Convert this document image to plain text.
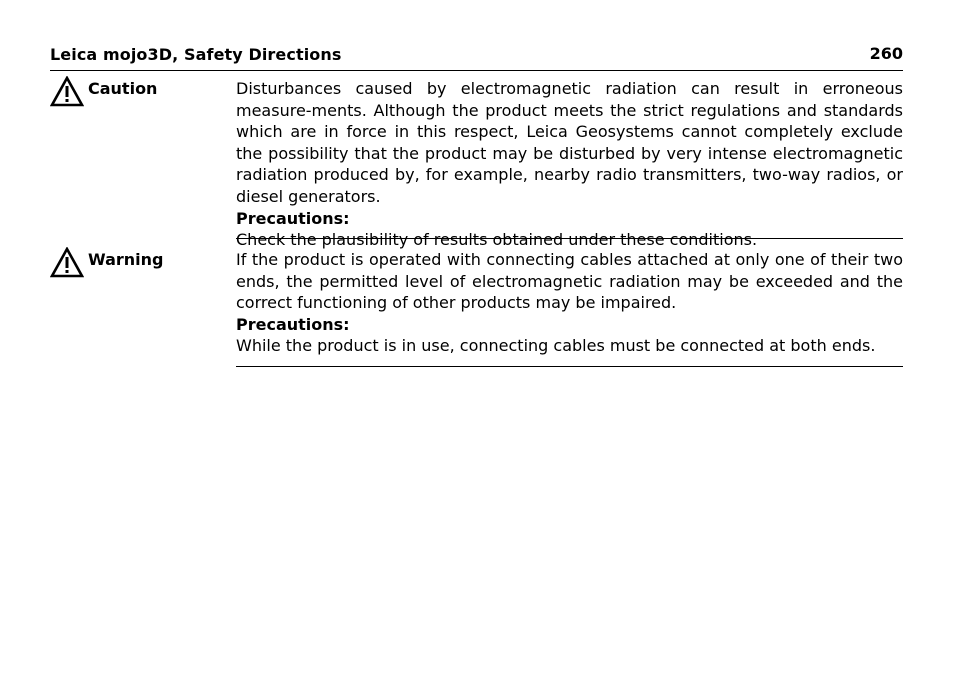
Leica mojo3D, Safety Directions	260
Caution	Disturbances caused by electromagnetic radiation can result in erroneous measure-ments. Although the product meets the strict regulations and standards which are in force in this respect, Leica Geosystems cannot completely exclude the possibility that the product may be disturbed by very intense electromagnetic radiation produced by, for example, nearby radio transmitters, two-way radios, or diesel generators.

Precautions:

Check the plausibility of results obtained under these conditions.

Warning	If the product is operated with connecting cables attached at only one of their two ends, the permitted level of electromagnetic radiation may be exceeded and the correct functioning of other products may be impaired.

Precautions:

While the product is in use, connecting cables must be connected at both ends.
